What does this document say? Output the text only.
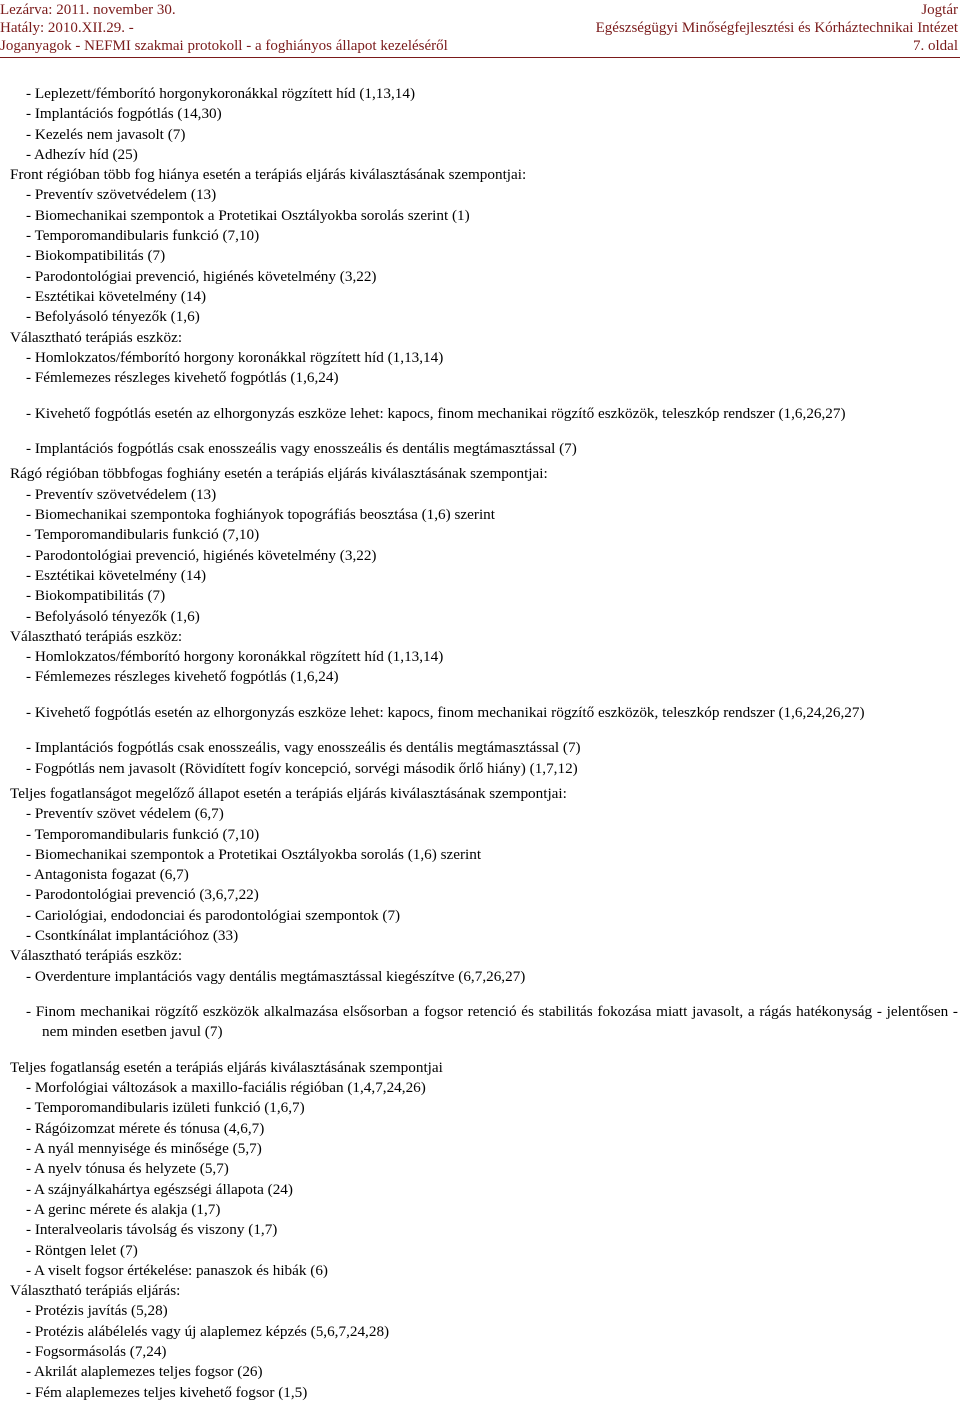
Lezárva: 2011. november 30.	Jogtár
Hatály: 2010.XII.29. -	Egészségügyi Minőségfejlesztési és Kórháztechnikai Intézet
Joganyagok - NEFMI szakmai protokoll - a foghiányos állapot kezeléséről	7. oldal

- Leplezett/fémborító horgonykoronákkal rögzített híd (1,13,14)

- Implantációs fogpótlás (14,30)

- Kezelés nem javasolt (7)

- Adhezív híd (25)

Front régióban több fog hiánya esetén a terápiás eljárás kiválasztásának szempontjai:

- Preventív szövetvédelem (13)

- Biomechanikai szempontok a Protetikai Osztályokba sorolás szerint (1)

- Temporomandibularis funkció (7,10)

- Biokompatibilitás (7)

- Parodontológiai prevenció, higiénés követelmény (3,22)

- Esztétikai követelmény (14)

- Befolyásoló tényezők (1,6)

Választható terápiás eszköz:

- Homlokzatos/fémborító horgony koronákkal rögzített híd (1,13,14)

- Fémlemezes részleges kivehető fogpótlás (1,6,24)

- Kivehető fogpótlás esetén az elhorgonyzás eszköze lehet: kapocs, finom mechanikai rögzítő eszközök, teleszkóp rendszer (1,6,26,27)

- Implantációs fogpótlás csak enosszeális vagy enosszeális és dentális megtámasztással (7)

Rágó régióban többfogas foghiány esetén a terápiás eljárás kiválasztásának szempontjai:

- Preventív szövetvédelem (13)

- Biomechanikai szempontoka foghiányok topográfiás beosztása (1,6) szerint

- Temporomandibularis funkció (7,10)

- Parodontológiai prevenció, higiénés követelmény (3,22)

- Esztétikai követelmény (14)

- Biokompatibilitás (7)

- Befolyásoló tényezők (1,6)

Választható terápiás eszköz:

- Homlokzatos/fémborító horgony koronákkal rögzített híd (1,13,14)

- Fémlemezes részleges kivehető fogpótlás (1,6,24)

- Kivehető fogpótlás esetén az elhorgonyzás eszköze lehet: kapocs, finom mechanikai rögzítő eszközök, teleszkóp rendszer (1,6,24,26,27)

- Implantációs fogpótlás csak enosszeális, vagy enosszeális és dentális megtámasztással (7)

- Fogpótlás nem javasolt (Rövidített fogív koncepció, sorvégi második őrlő hiány) (1,7,12)

Teljes fogatlanságot megelőző állapot esetén a terápiás eljárás kiválasztásának szempontjai:

- Preventív szövet védelem (6,7)

- Temporomandibularis funkció (7,10)

- Biomechanikai szempontok a Protetikai Osztályokba sorolás (1,6) szerint

- Antagonista fogazat (6,7)

- Parodontológiai prevenció (3,6,7,22)

- Cariológiai, endodonciai és parodontológiai szempontok (7)

- Csontkínálat implantációhoz (33)

Választható terápiás eszköz:

- Overdenture implantációs vagy dentális megtámasztással kiegészítve (6,7,26,27)

- Finom mechanikai rögzítő eszközök alkalmazása elsősorban a fogsor retenció és stabilitás fokozása miatt javasolt, a rágás hatékonyság - jelentősen - nem minden esetben javul (7)

Teljes fogatlanság esetén a terápiás eljárás kiválasztásának szempontjai

- Morfológiai változások a maxillo-faciális régióban (1,4,7,24,26)

- Temporomandibularis izületi funkció (1,6,7)

- Rágóizomzat mérete és tónusa (4,6,7)

- A nyál mennyisége és minősége (5,7)

- A nyelv tónusa és helyzete (5,7)

- A szájnyálkahártya egészségi állapota (24)

- A gerinc mérete és alakja (1,7)

- Interalveolaris távolság és viszony (1,7)

- Röntgen lelet (7)

- A viselt fogsor értékelése: panaszok és hibák (6)

Választható terápiás eljárás:

- Protézis javítás (5,28)

- Protézis alábélelés vagy új alaplemez képzés (5,6,7,24,28)

- Fogsormásolás (7,24)

- Akrilát alaplemezes teljes fogsor (26)

- Fém alaplemezes teljes kivehető fogsor (1,5)
